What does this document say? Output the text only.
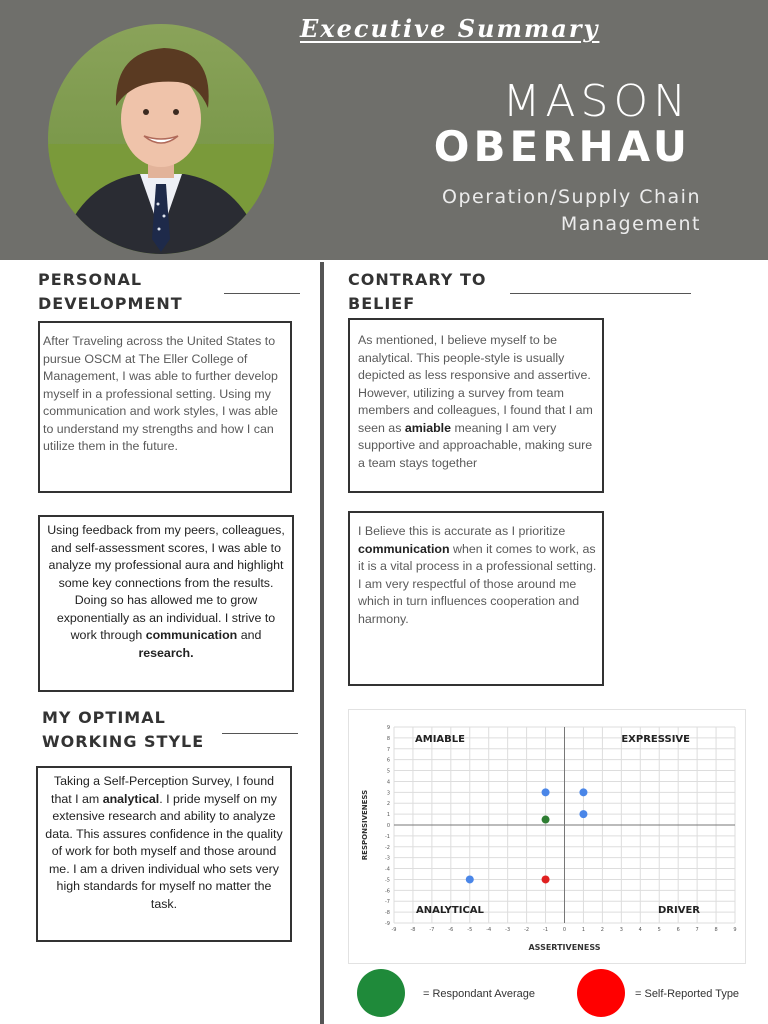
Executive Summary
MASON
OBERHAU
Operation/Supply Chain
Management
PERSONAL
DEVELOPMENT
After Traveling across the United States to pursue OSCM at The Eller College of Management, I was able to further develop myself in a professional setting. Using my communication and work styles, I was able to understand my strengths and how I can utilize them in the future.
Using feedback from my peers, colleagues, and self-assessment scores, I was able to analyze my professional aura and highlight some key connections from the results. Doing so has allowed me to grow exponentially as an individual. I strive to work through communication and research.
MY OPTIMAL
WORKING STYLE
Taking a Self-Perception Survey, I found that I am analytical. I pride myself on my extensive research and ability to analyze data. This assures confidence in the quality of work for both myself and those around me. I am a driven individual who sets very high standards for myself no matter the task.
CONTRARY TO
BELIEF
As mentioned, I believe myself to be analytical. This people-style is usually depicted as less responsive and assertive. However, utilizing a survey from team members and colleagues, I found that I am seen as amiable meaning I am very supportive and approachable, making sure a team stays together
I Believe this is accurate as I prioritize communication when it comes to work, as it is a vital process in a professional setting. I am very respectful of those around me which in turn influences cooperation and harmony.
-9	-8	-7	-6	-5	-4	-3	-2	-1	0	1	2	3	4	5	6	7	8	9
9
8
7
6
5
4
3
2
1
0
-1
-2
-3
-4
-5
-6
-7
-8
-9
ASSERTIVENESS
RESPONSIVENESS
AMIABLE	EXPRESSIVE
ANALYTICAL	DRIVER
= Respondant Average	= Self-Reported Type
